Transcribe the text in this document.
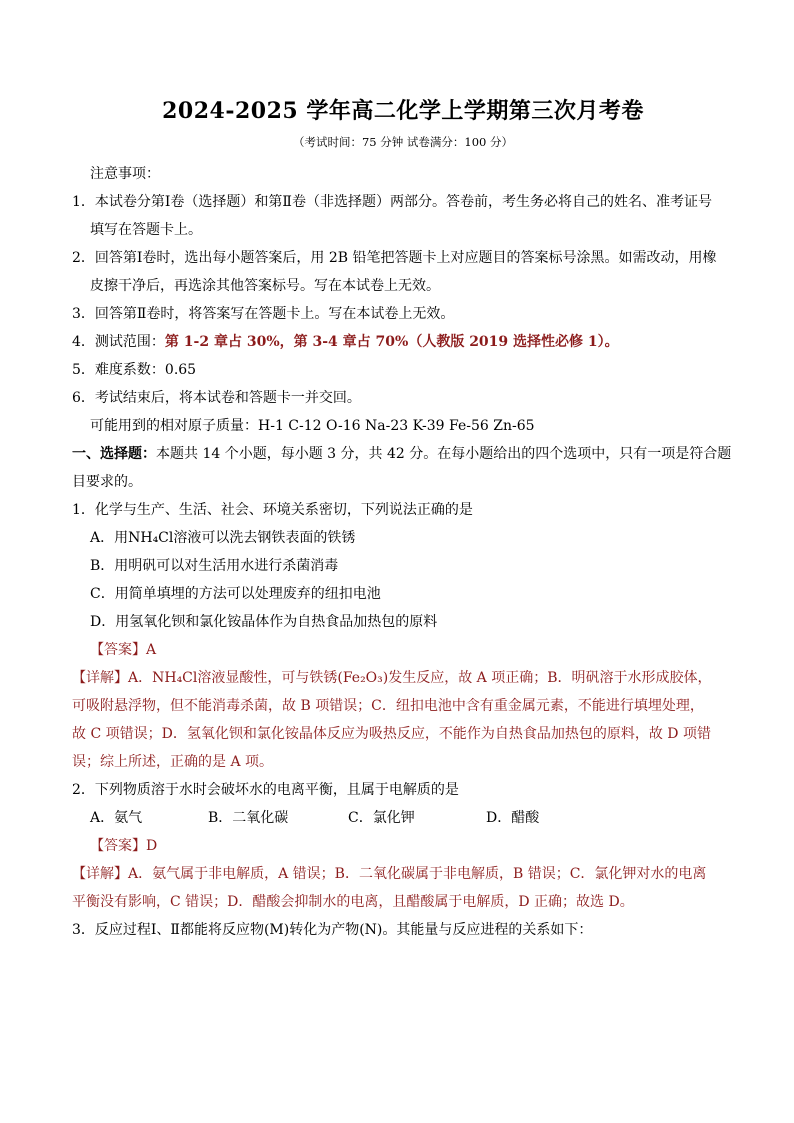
2024-2025 学年高二化学上学期第三次月考卷
（考试时间：75 分钟 试卷满分：100 分）
注意事项：
1．本试卷分第Ⅰ卷（选择题）和第Ⅱ卷（非选择题）两部分。答卷前，考生务必将自己的姓名、准考证号
填写在答题卡上。
2．回答第Ⅰ卷时，选出每小题答案后，用 2B 铅笔把答题卡上对应题目的答案标号涂黑。如需改动，用橡
皮擦干净后，再选涂其他答案标号。写在本试卷上无效。
3．回答第Ⅱ卷时，将答案写在答题卡上。写在本试卷上无效。
4．测试范围：第 1-2 章占 30%，第 3-4 章占 70%（人教版 2019 选择性必修 1）。
5．难度系数：0.65
6．考试结束后，将本试卷和答题卡一并交回。
可能用到的相对原子质量：H-1 C-12 O-16 Na-23 K-39 Fe-56 Zn-65
一、选择题：本题共 14 个小题，每小题 3 分，共 42 分。在每小题给出的四个选项中，只有一项是符合题
目要求的。
1．化学与生产、生活、社会、环境关系密切，下列说法正确的是
A．用NH₄Cl溶液可以洗去钢铁表面的铁锈
B．用明矾可以对生活用水进行杀菌消毒
C．用简单填埋的方法可以处理废弃的纽扣电池
D．用氢氧化钡和氯化铵晶体作为自热食品加热包的原料
【答案】A
【详解】A．NH₄Cl溶液显酸性，可与铁锈(Fe₂O₃)发生反应，故 A 项正确；B．明矾溶于水形成胶体，
可吸附悬浮物，但不能消毒杀菌，故 B 项错误；C．纽扣电池中含有重金属元素，不能进行填埋处理，
故 C 项错误；D．氢氧化钡和氯化铵晶体反应为吸热反应，不能作为自热食品加热包的原料，故 D 项错
误；综上所述，正确的是 A 项。
2．下列物质溶于水时会破坏水的电离平衡，且属于电解质的是
A．氨气	B．二氧化碳	C．氯化钾	D．醋酸
【答案】D
【详解】A．氨气属于非电解质，A 错误；B．二氧化碳属于非电解质，B 错误；C．氯化钾对水的电离
平衡没有影响，C 错误；D．醋酸会抑制水的电离，且醋酸属于电解质，D 正确；故选 D。
3．反应过程Ⅰ、Ⅱ都能将反应物(M)转化为产物(N)。其能量与反应进程的关系如下：
